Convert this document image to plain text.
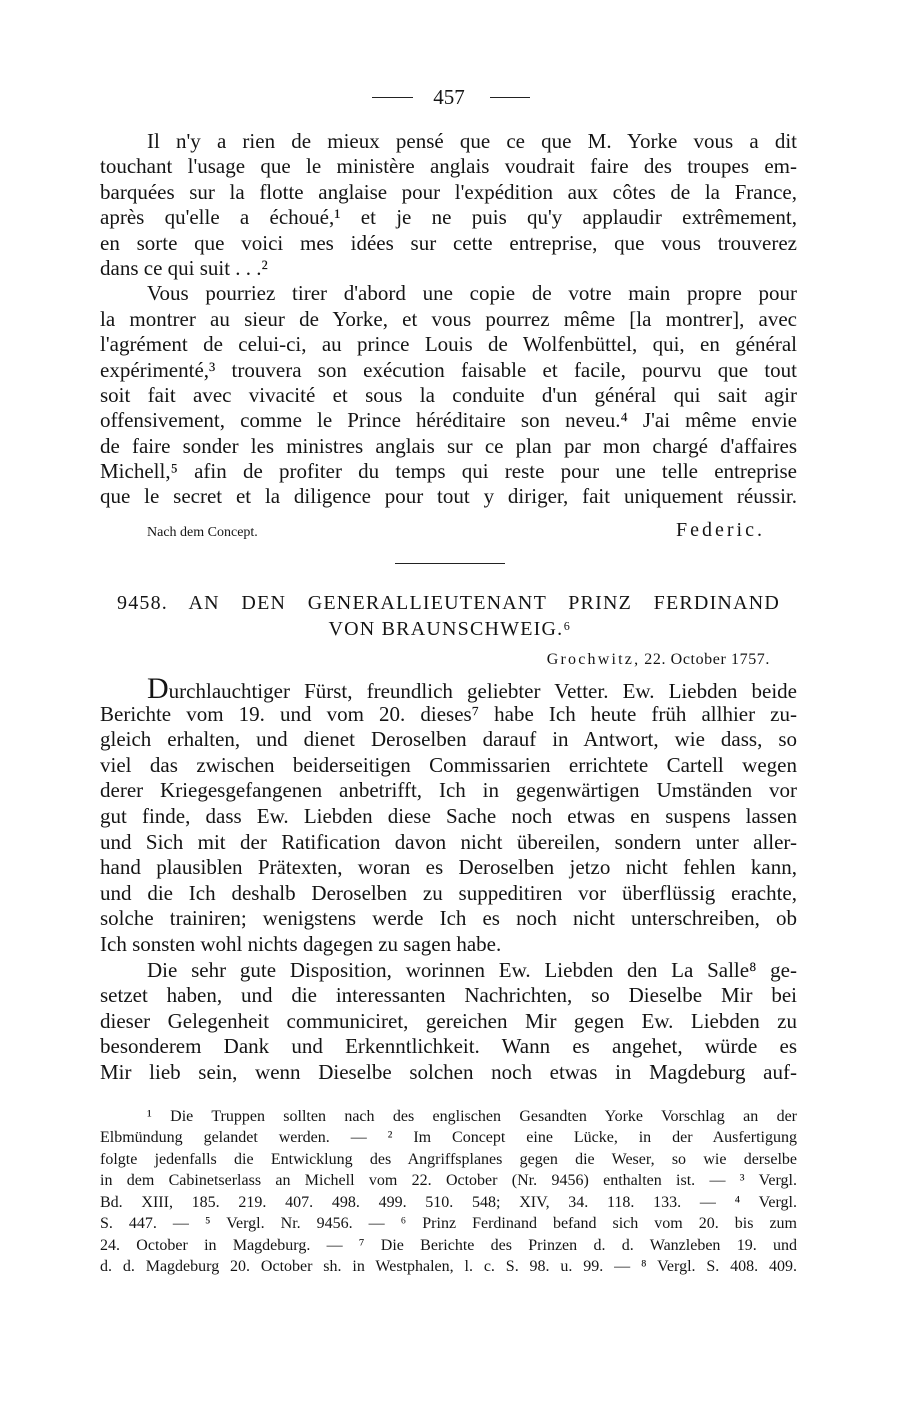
457
Il n'y a rien de mieux pensé que ce que M. Yorke vous a dit
touchant l'usage que le ministère anglais voudrait faire des troupes em-
barquées sur la flotte anglaise pour l'expédition aux côtes de la France,
après qu'elle a échoué,¹ et je ne puis qu'y applaudir extrêmement,
en sorte que voici mes idées sur cette entreprise, que vous trouverez
dans ce qui suit . . .²
Vous pourriez tirer d'abord une copie de votre main propre pour
la montrer au sieur de Yorke, et vous pourrez même [la montrer], avec
l'agrément de celui-ci, au prince Louis de Wolfenbüttel, qui, en général
expérimenté,³ trouvera son exécution faisable et facile, pourvu que tout
soit fait avec vivacité et sous la conduite d'un général qui sait agir
offensivement, comme le Prince héréditaire son neveu.⁴ J'ai même envie
de faire sonder les ministres anglais sur ce plan par mon chargé d'affaires
Michell,⁵ afin de profiter du temps qui reste pour une telle entreprise
que le secret et la diligence pour tout y diriger, fait uniquement réussir.
Nach dem Concept.	Federic.
9458. AN DEN GENERALLIEUTENANT PRINZ FERDINAND
VON BRAUNSCHWEIG.⁶
Grochwitz, 22. October 1757.
Durchlauchtiger Fürst, freundlich geliebter Vetter. Ew. Liebden beide
Berichte vom 19. und vom 20. dieses⁷ habe Ich heute früh allhier zu-
gleich erhalten, und dienet Deroselben darauf in Antwort, wie dass, so
viel das zwischen beiderseitigen Commissarien errichtete Cartell wegen
derer Kriegesgefangenen anbetrifft, Ich in gegenwärtigen Umständen vor
gut finde, dass Ew. Liebden diese Sache noch etwas en suspens lassen
und Sich mit der Ratification davon nicht übereilen, sondern unter aller-
hand plausiblen Prätexten, woran es Deroselben jetzo nicht fehlen kann,
und die Ich deshalb Deroselben zu suppeditiren vor überflüssig erachte,
solche trainiren; wenigstens werde Ich es noch nicht unterschreiben, ob
Ich sonsten wohl nichts dagegen zu sagen habe.
Die sehr gute Disposition, worinnen Ew. Liebden den La Salle⁸ ge-
setzet haben, und die interessanten Nachrichten, so Dieselbe Mir bei
dieser Gelegenheit communiciret, gereichen Mir gegen Ew. Liebden zu
besonderem Dank und Erkenntlichkeit. Wann es angehet, würde es
Mir lieb sein, wenn Dieselbe solchen noch etwas in Magdeburg auf-
¹ Die Truppen sollten nach des englischen Gesandten Yorke Vorschlag an der
Elbmündung gelandet werden. — ² Im Concept eine Lücke, in der Ausfertigung
folgte jedenfalls die Entwicklung des Angriffsplanes gegen die Weser, so wie derselbe
in dem Cabinetserlass an Michell vom 22. October (Nr. 9456) enthalten ist. — ³ Vergl.
Bd. XIII, 185. 219. 407. 498. 499. 510. 548; XIV, 34. 118. 133. — ⁴ Vergl.
S. 447. — ⁵ Vergl. Nr. 9456. — ⁶ Prinz Ferdinand befand sich vom 20. bis zum
24. October in Magdeburg. — ⁷ Die Berichte des Prinzen d. d. Wanzleben 19. und
d. d. Magdeburg 20. October sh. in Westphalen, l. c. S. 98. u. 99. — ⁸ Vergl. S. 408. 409.
